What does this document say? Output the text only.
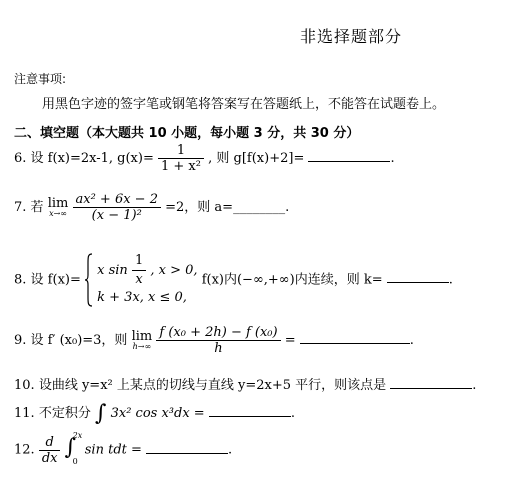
非选择题部分
注意事项:
用黑色字迹的签字笔或钢笔将答案写在答题纸上，不能答在试题卷上。
二、填空题（本大题共 10 小题，每小题 3 分，共 30 分）
6. 设 f(x)=2x-1, $g(x)= \frac{1}{\text{1 + x²}}$ , 则 g[f(x)+2]=	.
7. 若 lim
x→∞
$\frac{\text{ax² + 6x − 2}}{\text{(x − 1)²}} =2$，则 a=________.
8. 设 f(x)=
x $\sin \frac{1}{x}$ , x > 0,
k + 3x, x ≤ 0,
f(x)内(−∞,+∞)内连续，则 k=	.
9. 设 f′ (x₀)=3，则 lim
h→∞
$\frac{\text{f (x₀ + 2h) − f (x₀)}}{h}$ =	.
10. 设曲线 y=x² 上某点的切线与直线 y=2x+5 平行，则该点是	.
11. 不定积分 ∫ 3x² cos x³dx =	.
12. $\frac{d}{dx}$
∫
2x
0
sin tdt =	.
